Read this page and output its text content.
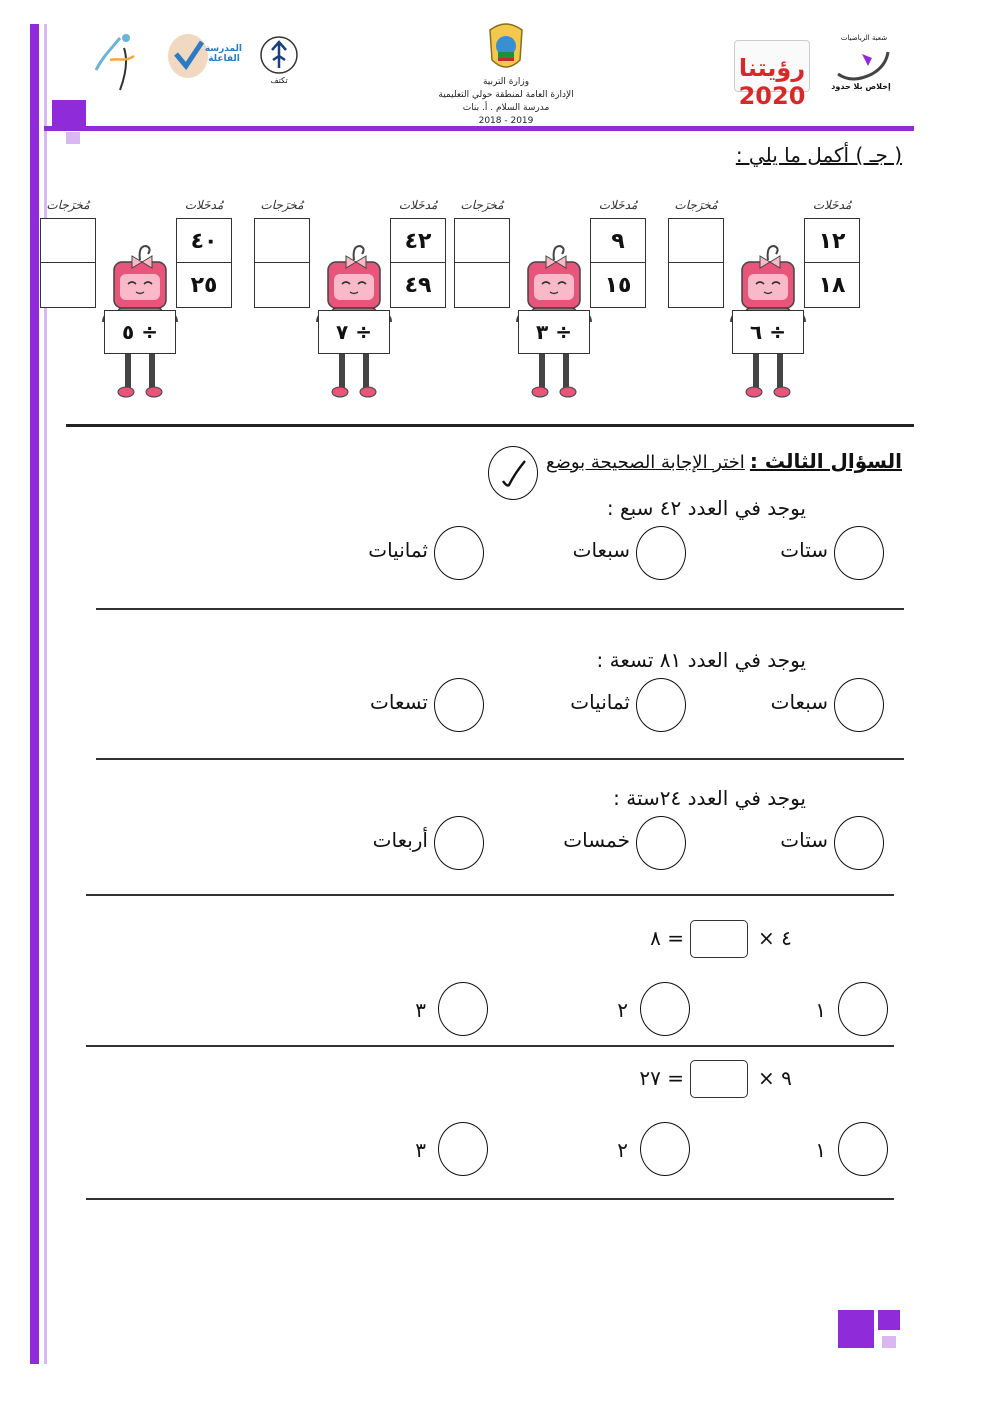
المدرسة الفاعلة
تكتف	وزارة التربية
الإدارة العامة لمنطقة حولي التعليمية
مدرسة السلام . أ. بنات
2018 - 2019
رؤيتنا 2020
شعبة الرياضيات
إخلاص بلا حدود
( جـ ) أكمل ما يلي :
مُدخَلات
مُخرَجات
١٢
١٨
÷ ٦
مُدخَلات
مُخرَجات
٩
١٥
÷ ٣
مُدخَلات
مُخرَجات
٤٢
٤٩
÷ ٧
مُدخَلات
مُخرَجات
٤٠
٢٥
÷ ٥
السؤال الثالث : اختر الإجابة الصحيحة بوضع
يوجد في العدد ٤٢ سبع :
ستات
سبعات
ثمانيات
يوجد في العدد ٨١ تسعة :
سبعات
ثمانيات
تسعات
يوجد في العدد ٢٤ستة :
ستات
خمسات
أربعات
٤ ×
= ٨
١
٢
٣
٩ ×
= ٢٧
١
٢
٣
